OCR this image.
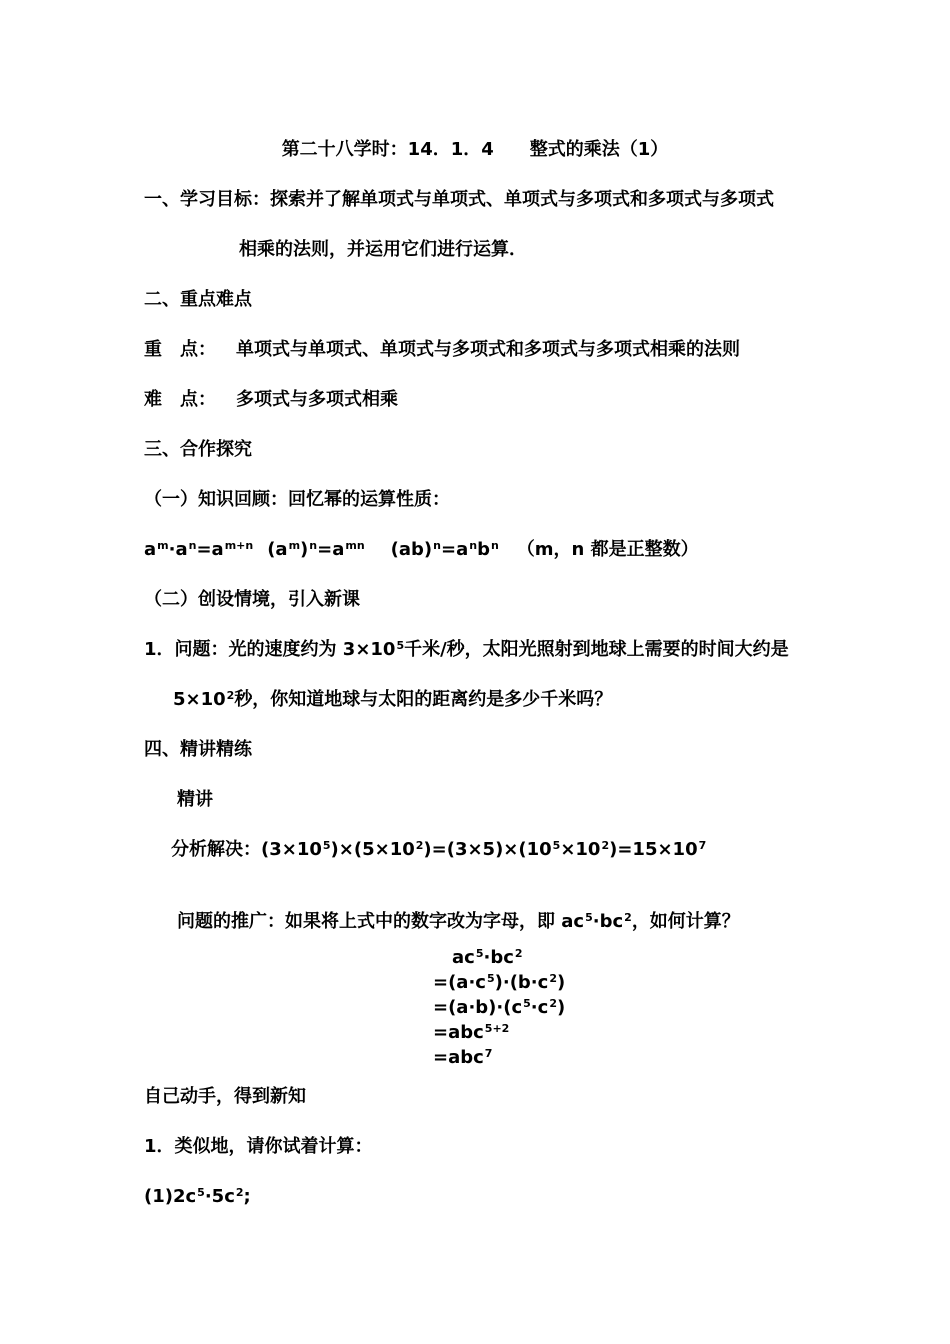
第二十八学时：14．1．4　　整式的乘法（1）
一、学习目标：探索并了解单项式与单项式、单项式与多项式和多项式与多项式
相乘的法则，并运用它们进行运算．
二、重点难点
重　点： 单项式与单项式、单项式与多项式和多项式与多项式相乘的法则
难　点： 多项式与多项式相乘
三、合作探究
（一）知识回顾：回忆幂的运算性质：
$a^m\cdot a^n=a^{m+n}$ $(a^m)^n=a^{mn}$ $(ab)^n=a^nb^n$ （m，n 都是正整数）
（二）创设情境，引入新课
1．问题：光的速度约为 $3\times 10^5$千米/秒，太阳光照射到地球上需要的时间大约是
$5\times 10^2$秒，你知道地球与太阳的距离约是多少千米吗？
四、精讲精练
精讲
分析解决：$(3\times 10^5)\times(5\times 10^2)=(3\times 5)\times(10^5\times 10^2)=15\times 10^7$
问题的推广：如果将上式中的数字改为字母，即 $ac^5\cdot bc^2$，如何计算？
$ac^5\cdot bc^2$
$=(a\cdot c^5)\cdot(b\cdot c^2)$
$=(a\cdot b)\cdot(c^5\cdot c^2)$
=abc$^{5+2}$
=abc$^7$
自己动手，得到新知
1．类似地，请你试着计算：
$(1)2c^5\cdot 5c^2$;
